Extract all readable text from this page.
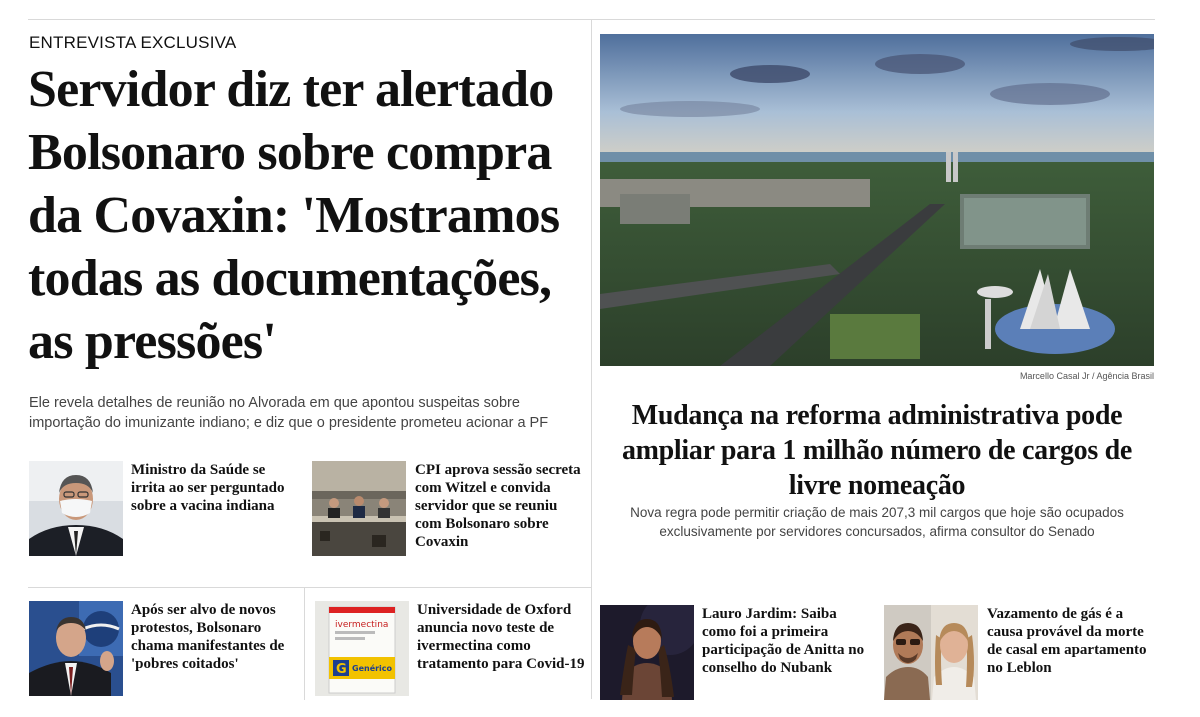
ENTREVISTA EXCLUSIVA
Servidor diz ter alertado Bolsonaro sobre compra da Covaxin: 'Mostramos todas as documentações, as pressões'
Ele revela detalhes de reunião no Alvorada em que apontou suspeitas sobre importação do imunizante indiano; e diz que o presidente prometeu acionar a PF
Ministro da Saúde se irrita ao ser perguntado sobre a vacina indiana
CPI aprova sessão secreta com Witzel e convida servidor que se reuniu com Bolsonaro sobre Covaxin
Após ser alvo de novos protestos, Bolsonaro chama manifestantes de 'pobres coitados'
ivermectina
G Genérico
Universidade de Oxford anuncia novo teste de ivermectina como tratamento para Covid-19
Marcello Casal Jr / Agência Brasil
Mudança na reforma administrativa pode ampliar para 1 milhão número de cargos de livre nomeação
Nova regra pode permitir criação de mais 207,3 mil cargos que hoje são ocupados exclusivamente por servidores concursados, afirma consultor do Senado
Lauro Jardim: Saiba como foi a primeira participação de Anitta no conselho do Nubank
Vazamento de gás é a causa provável da morte de casal em apartamento no Leblon
